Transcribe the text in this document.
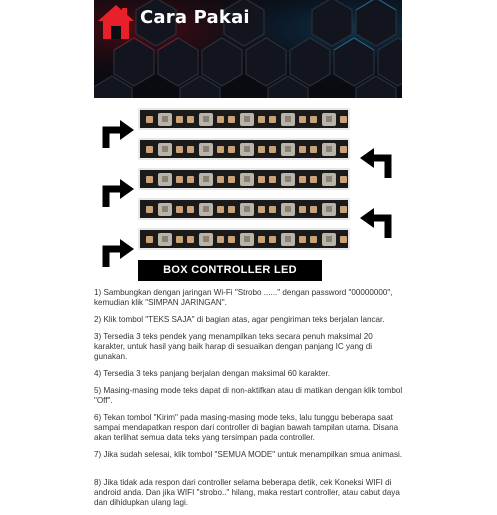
Cara Pakai
BOX CONTROLLER LED

1) Sambungkan dengan jaringan Wi-Fi "Strobo ......" dengan password "00000000", kemudian klik "SIMPAN JARINGAN".

2) Klik tombol "TEKS SAJA" di bagian atas, agar pengiriman teks berjalan lancar.

3) Tersedia 3 teks pendek yang menampilkan teks secara penuh maksimal 20 karakter, untuk hasil yang baik harap di sesuaikan dengan panjang IC yang di gunakan.

4) Tersedia 3 teks panjang berjalan dengan maksimal 60 karakter.

5) Masing-masing mode teks dapat di non-aktifkan atau di matikan dengan klik tombol "Off".

6) Tekan tombol "Kirim" pada masing-masing mode teks, lalu tunggu beberapa saat sampai mendapatkan respon dari controller di bagian bawah tampilan utama. Disana akan terlihat semua data teks yang tersimpan pada controller.

7) Jika sudah selesai, klik tombol "SEMUA MODE" untuk menampilkan smua animasi.

8) Jika tidak ada respon dari controller selama beberapa detik, cek Koneksi WIFI di android anda. Dan jika WIFI "strobo.." hilang, maka restart controller, atau cabut daya dan dihidupkan ulang lagi.
